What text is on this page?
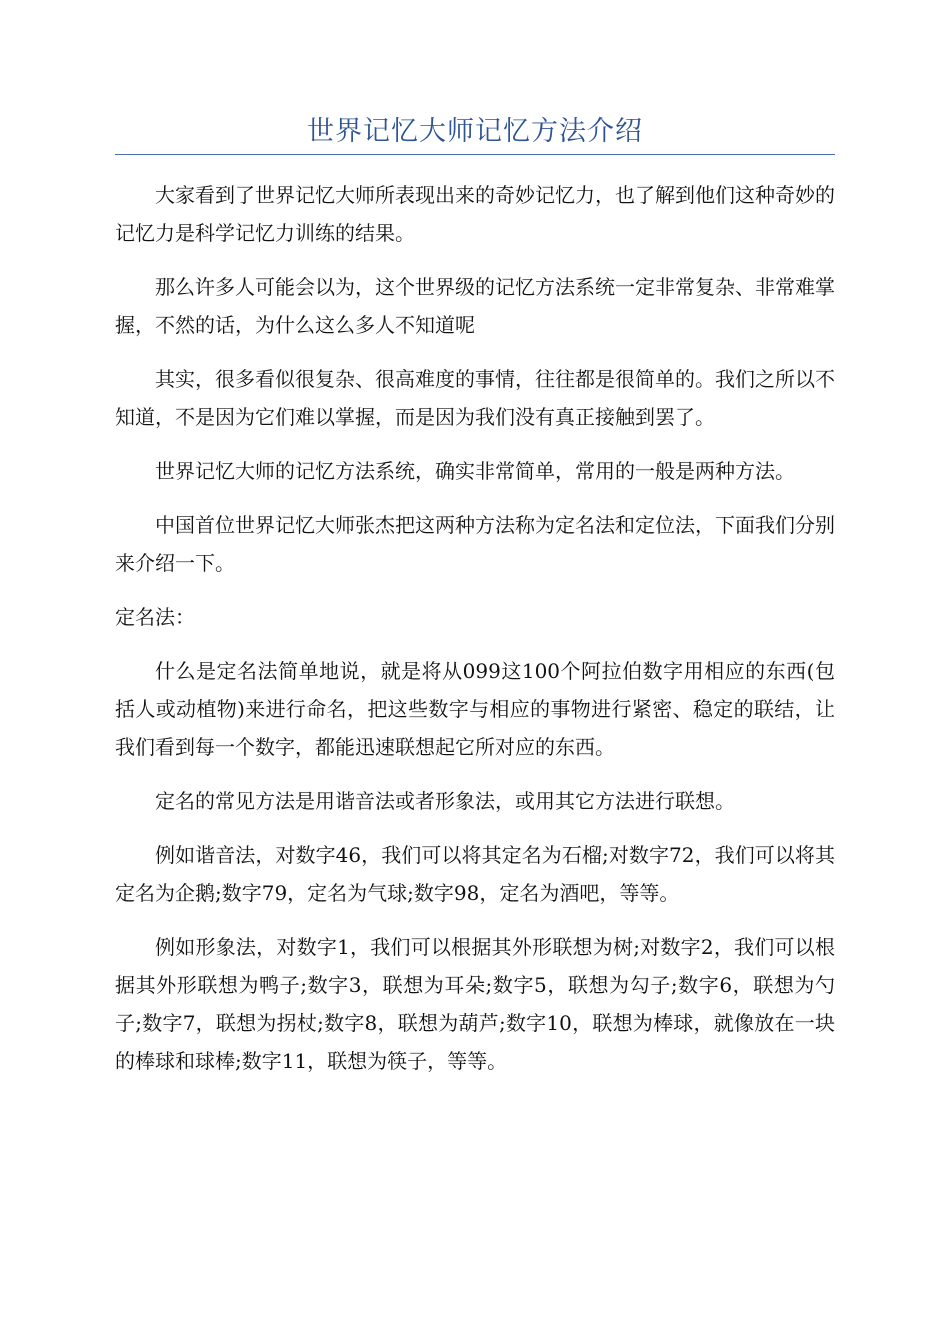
世界记忆大师记忆方法介绍

大家看到了世界记忆大师所表现出来的奇妙记忆力，也了解到他们这种奇妙的记忆力是科学记忆力训练的结果。

那么许多人可能会以为，这个世界级的记忆方法系统一定非常复杂、非常难掌握，不然的话，为什么这么多人不知道呢

其实，很多看似很复杂、很高难度的事情，往往都是很简单的。我们之所以不知道，不是因为它们难以掌握，而是因为我们没有真正接触到罢了。

世界记忆大师的记忆方法系统，确实非常简单，常用的一般是两种方法。

中国首位世界记忆大师张杰把这两种方法称为定名法和定位法，下面我们分别来介绍一下。

定名法：

什么是定名法简单地说，就是将从099这100个阿拉伯数字用相应的东西(包括人或动植物)来进行命名，把这些数字与相应的事物进行紧密、稳定的联结，让我们看到每一个数字，都能迅速联想起它所对应的东西。

定名的常见方法是用谐音法或者形象法，或用其它方法进行联想。

例如谐音法，对数字46，我们可以将其定名为石榴;对数字72，我们可以将其定名为企鹅;数字79，定名为气球;数字98，定名为酒吧，等等。

例如形象法，对数字1，我们可以根据其外形联想为树;对数字2，我们可以根据其外形联想为鸭子;数字3，联想为耳朵;数字5，联想为勾子;数字6，联想为勺子;数字7，联想为拐杖;数字8，联想为葫芦;数字10，联想为棒球，就像放在一块的棒球和球棒;数字11，联想为筷子，等等。
